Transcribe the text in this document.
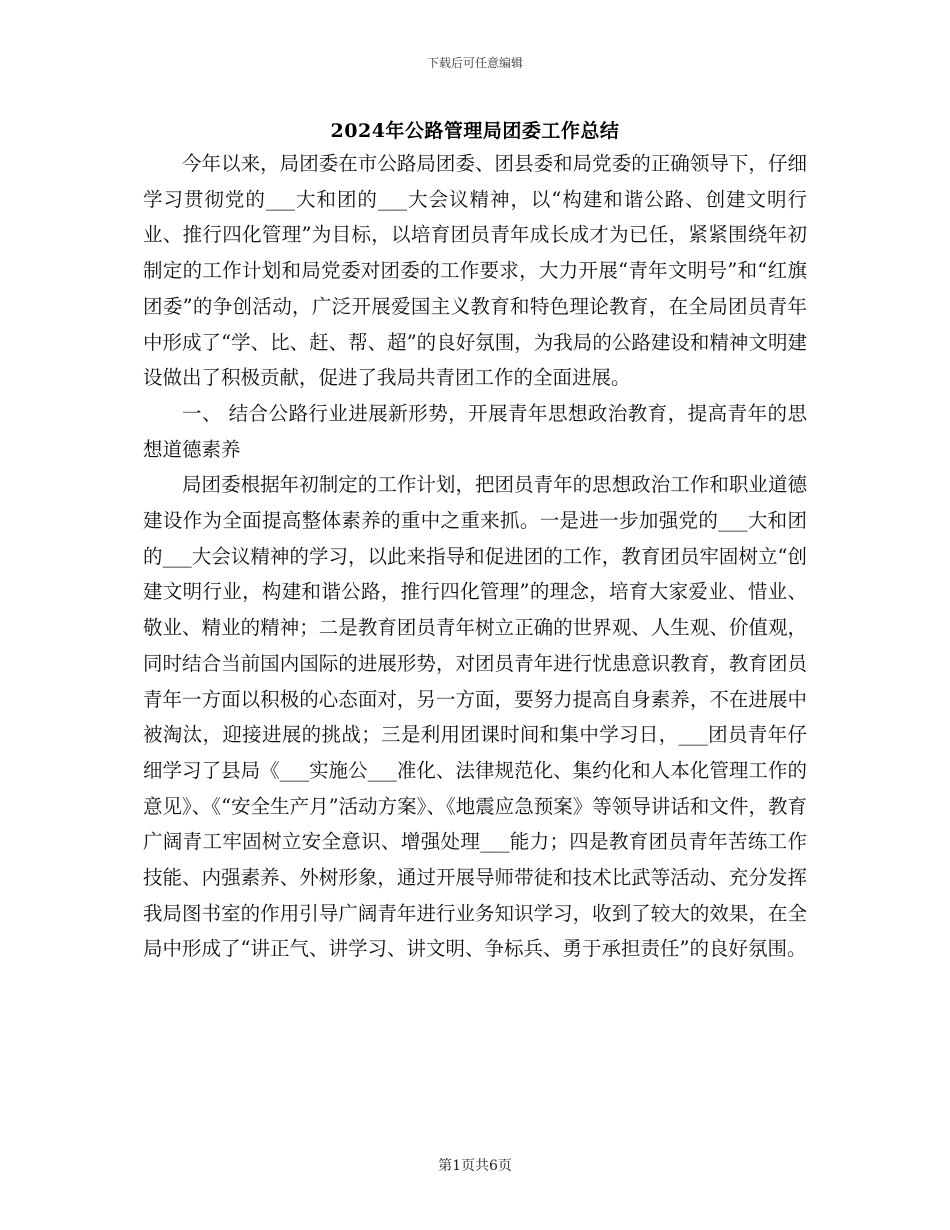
下载后可任意编辑
2024年公路管理局团委工作总结

今年以来，局团委在市公路局团委、团县委和局党委的正确领导下，仔细学习贯彻党的___大和团的___大会议精神，以“构建和谐公路、创建文明行业、推行四化管理”为目标，以培育团员青年成长成才为已任，紧紧围绕年初制定的工作计划和局党委对团委的工作要求，大力开展“青年文明号”和“红旗团委”的争创活动，广泛开展爱国主义教育和特色理论教育，在全局团员青年中形成了“学、比、赶、帮、超”的良好氛围，为我局的公路建设和精神文明建设做出了积极贡献，促进了我局共青团工作的全面进展。

一、 结合公路行业进展新形势，开展青年思想政治教育，提高青年的思想道德素养

局团委根据年初制定的工作计划，把团员青年的思想政治工作和职业道德建设作为全面提高整体素养的重中之重来抓。一是进一步加强党的___大和团的___大会议精神的学习，以此来指导和促进团的工作，教育团员牢固树立“创建文明行业，构建和谐公路，推行四化管理”的理念，培育大家爱业、惜业、敬业、精业的精神；二是教育团员青年树立正确的世界观、人生观、价值观，同时结合当前国内国际的进展形势，对团员青年进行忧患意识教育，教育团员青年一方面以积极的心态面对，另一方面，要努力提高自身素养，不在进展中被淘汰，迎接进展的挑战；三是利用团课时间和集中学习日，___团员青年仔细学习了县局《___实施公___准化、法律规范化、集约化和人本化管理工作的意见》、《“安全生产月”活动方案》、《地震应急预案》等领导讲话和文件，教育广阔青工牢固树立安全意识、增强处理___能力；四是教育团员青年苦练工作技能、内强素养、外树形象，通过开展导师带徒和技术比武等活动、充分发挥我局图书室的作用引导广阔青年进行业务知识学习，收到了较大的效果，在全局中形成了“讲正气、讲学习、讲文明、争标兵、勇于承担责任”的良好氛围。

第1页共6页
